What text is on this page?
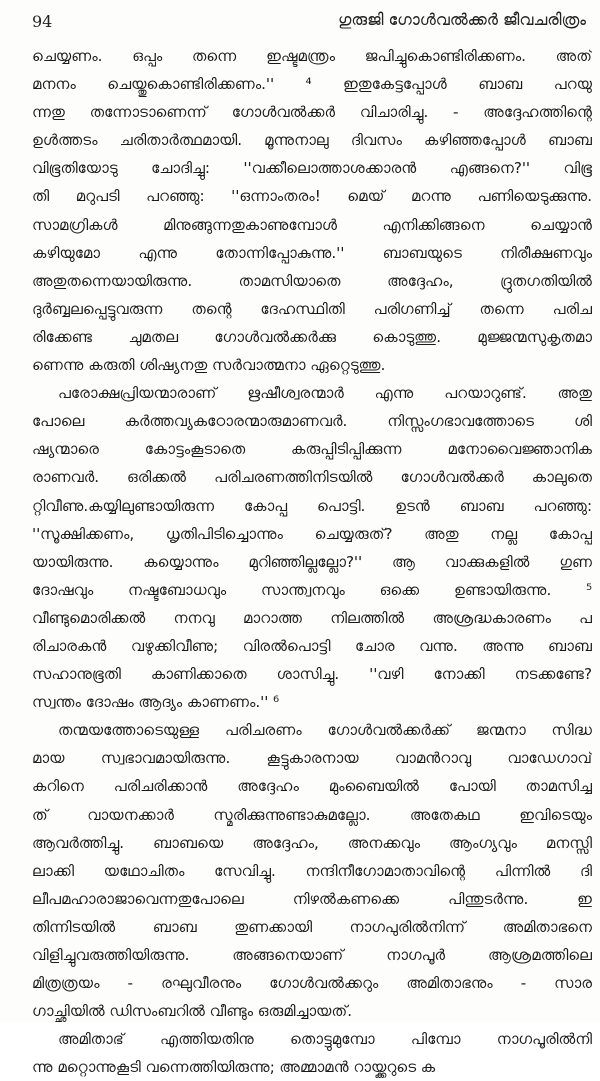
94	ഗുരുജി ഗോൾവൽക്കർ ജീവചരിത്രം
ചെയ്യണം. ഒപ്പം തന്നെ ഇഷ്ടമന്ത്രം ജപിച്ചുകൊണ്ടിരിക്കണം. അത്
മനനം ചെയ്തുകൊണ്ടിരിക്കണം.'' ⁴ ഇതുകേട്ടപ്പോൾ ബാബ പറയു
ന്നതു തന്നോടാണെന്ന് ഗോൾവൽക്കർ വിചാരിച്ചു. - അദ്ദേഹത്തിന്റെ
ഉൾത്തടം ചരിതാർത്ഥമായി. മൂന്നുനാലു ദിവസം കഴിഞ്ഞപ്പോൾ ബാബ
വിഭൂതിയോടു ചോദിച്ചു: ''വക്കീലൊത്താശക്കാരൻ എങ്ങനെ?'' വിഭൂ
തി മറുപടി പറഞ്ഞു: ''ഒന്നാംതരം! മെയ് മറന്നു പണിയെടുക്കുന്നു.
സാമഗ്രികൾ മിനുങ്ങുന്നതുകാണുമ്പോൾ എനിക്കിങ്ങനെ ചെയ്യാൻ
കഴിയുമോ എന്നു തോന്നിപ്പോകുന്നു.'' ബാബയുടെ നിരീക്ഷണവും
അതുതന്നെയായിരുന്നു. താമസിയാതെ അദ്ദേഹം, ദ്രുതഗതിയിൽ
ദുർബ്ബലപ്പെട്ടുവരുന്ന തന്റെ ദേഹസ്ഥിതി പരിഗണിച്ച് തന്നെ പരിച
രിക്കേണ്ട ചുമതല ഗോൾവൽക്കർക്കു കൊടുത്തു. മുജ്ജന്മസുകൃതമാ
ണെന്നു കരുതി ശിഷ്യനതു സർവാത്മനാ ഏറ്റെടുത്തു.
പരോക്ഷപ്രിയന്മാരാണ് ഋഷീശ്വരന്മാർ എന്നു പറയാറുണ്ട്. അതു
പോലെ കർത്തവ്യകഠോരന്മാരുമാണവർ. നിസ്സംഗഭാവത്തോടെ ശി
ഷ്യന്മാരെ കോട്ടംകൂടാതെ കരുപ്പിടിപ്പിക്കുന്ന മനോവൈജ്ഞാനിക
രാണവർ. ഒരിക്കൽ പരിചരണത്തിനിടയിൽ ഗോൾവൽക്കർ കാലുതെ
റ്റിവീണു.കയ്യിലുണ്ടായിരുന്ന കോപ്പ പൊട്ടി. ഉടൻ ബാബ പറഞ്ഞു:
''സൂക്ഷിക്കണം, ധൃതിപിടിച്ചൊന്നും ചെയ്യരുത്? അതു നല്ല കോപ്പ
യായിരുന്നു. കയ്യൊന്നും മുറിഞ്ഞില്ലല്ലോ?'' ആ വാക്കുകളിൽ ഗുണ
ദോഷവും നഷ്ടബോധവും സാന്ത്വനവും ഒക്കെ ഉണ്ടായിരുന്നു. ⁵
വീണ്ടുമൊരിക്കൽ നനവു മാറാത്ത നിലത്തിൽ അശ്രദ്ധകാരണം പ
രിചാരകൻ വഴുക്കിവീണു; വിരൽപൊട്ടി ചോര വന്നു. അന്നു ബാബ
സഹാനുഭൂതി കാണിക്കാതെ ശാസിച്ചു. ''വഴി നോക്കി നടക്കണ്ടേ?
സ്വന്തം ദോഷം ആദ്യം കാണണം.'' ⁶
തന്മയത്തോടെയുള്ള പരിചരണം ഗോൾവൽക്കർക്ക് ജന്മനാ സിദ്ധ
മായ സ്വഭാവമായിരുന്നു. കൂട്ടുകാരനായ വാമൻറാവു വാഡേഗാവ്
കറിനെ പരിചരിക്കാൻ അദ്ദേഹം മുംബൈയിൽ പോയി താമസിച്ച
ത് വായനക്കാർ സ്മരിക്കുന്നുണ്ടാകുമല്ലോ. അതേകഥ ഇവിടെയും
ആവർത്തിച്ചു. ബാബയെ അദ്ദേഹം, അനക്കവും ആംഗ്യവും മനസ്സി
ലാക്കി യഥോചിതം സേവിച്ചു. നന്ദിനീഗോമാതാവിന്റെ പിന്നിൽ ദി
ലീപമഹാരാജാവെന്നതുപോലെ നിഴൽകണക്കെ പിന്തുടർന്നു. ഇ
തിന്നിടയിൽ ബാബ തുണക്കായി നാഗപുരിൽനിന്ന് അമിതാഭനെ
വിളിച്ചുവരുത്തിയിരുന്നു. അങ്ങനെയാണ് നാഗപൂർ ആശ്രമത്തിലെ
മിത്രത്രയം - രഘുവീരനും ഗോൾവൽക്കറും അമിതാഭനും - സാര
ഗാച്ഛിയിൽ ഡിസംബറിൽ വീണ്ടും ഒരുമിച്ചായത്.
അമിതാഭ് എത്തിയതിനു തൊട്ടുമുമ്പോ പിമ്പോ നാഗപൂരിൽനി
ന്നു മറ്റൊന്നുകൂടി വന്നെത്തിയിരുന്നു; അമ്മാമൻ റായ്ക്കറുടെ ക
